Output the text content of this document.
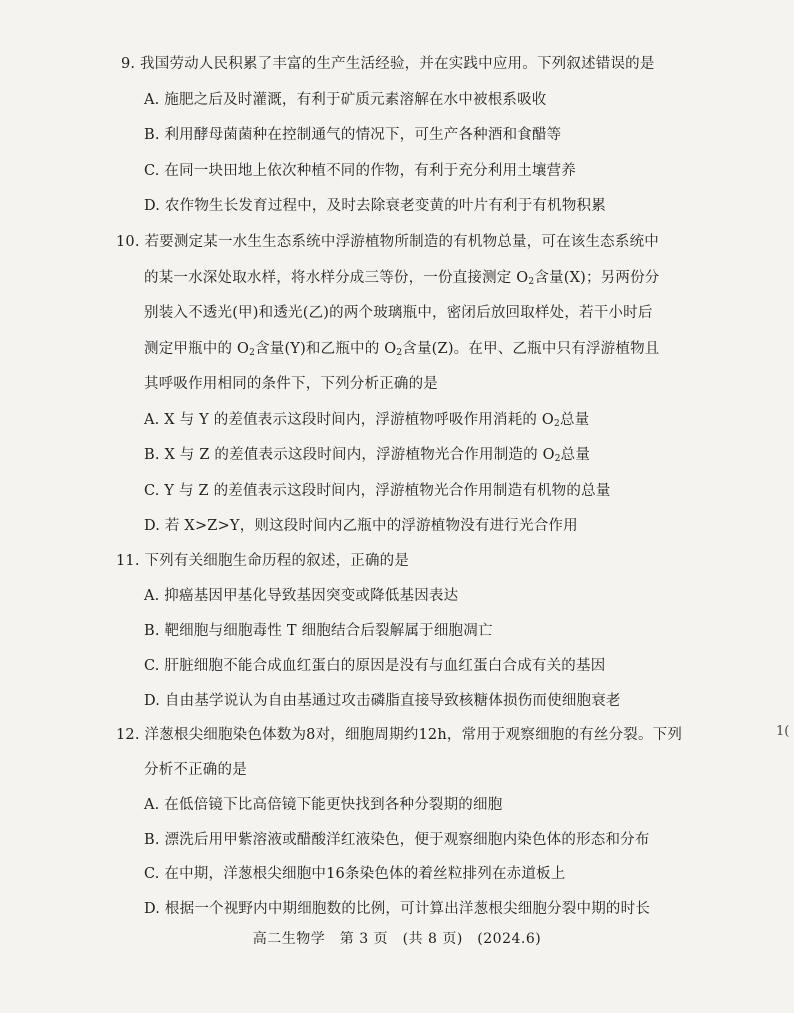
9. 我国劳动人民积累了丰富的生产生活经验，并在实践中应用。下列叙述错误的是
A. 施肥之后及时灌溉，有利于矿质元素溶解在水中被根系吸收
B. 利用酵母菌菌种在控制通气的情况下，可生产各种酒和食醋等
C. 在同一块田地上依次种植不同的作物，有利于充分利用土壤营养
D. 农作物生长发育过程中，及时去除衰老变黄的叶片有利于有机物积累
10. 若要测定某一水生生态系统中浮游植物所制造的有机物总量，可在该生态系统中
的某一水深处取水样，将水样分成三等份，一份直接测定 $O_2$含量(X)；另两份分
别装入不透光(甲)和透光(乙)的两个玻璃瓶中，密闭后放回取样处，若干小时后
测定甲瓶中的 $O_2$含量(Y)和乙瓶中的 $O_2$含量(Z)。在甲、乙瓶中只有浮游植物且
其呼吸作用相同的条件下，下列分析正确的是
A. X 与 Y 的差值表示这段时间内，浮游植物呼吸作用消耗的 $O_2$总量
B. X 与 Z 的差值表示这段时间内，浮游植物光合作用制造的 $O_2$总量
C. Y 与 Z 的差值表示这段时间内，浮游植物光合作用制造有机物的总量
D. 若 X>Z>Y，则这段时间内乙瓶中的浮游植物没有进行光合作用
11. 下列有关细胞生命历程的叙述，正确的是
A. 抑癌基因甲基化导致基因突变或降低基因表达
B. 靶细胞与细胞毒性 T 细胞结合后裂解属于细胞凋亡
C. 肝脏细胞不能合成血红蛋白的原因是没有与血红蛋白合成有关的基因
D. 自由基学说认为自由基通过攻击磷脂直接导致核糖体损伤而使细胞衰老
12. 洋葱根尖细胞染色体数为8对，细胞周期约12h，常用于观察细胞的有丝分裂。下列
分析不正确的是
A. 在低倍镜下比高倍镜下能更快找到各种分裂期的细胞
B. 漂洗后用甲紫溶液或醋酸洋红液染色，便于观察细胞内染色体的形态和分布
C. 在中期，洋葱根尖细胞中16条染色体的着丝粒排列在赤道板上
D. 根据一个视野内中期细胞数的比例，可计算出洋葱根尖细胞分裂中期的时长
高二生物学　第 3 页　(共 8 页)　(2024.6)
1(
